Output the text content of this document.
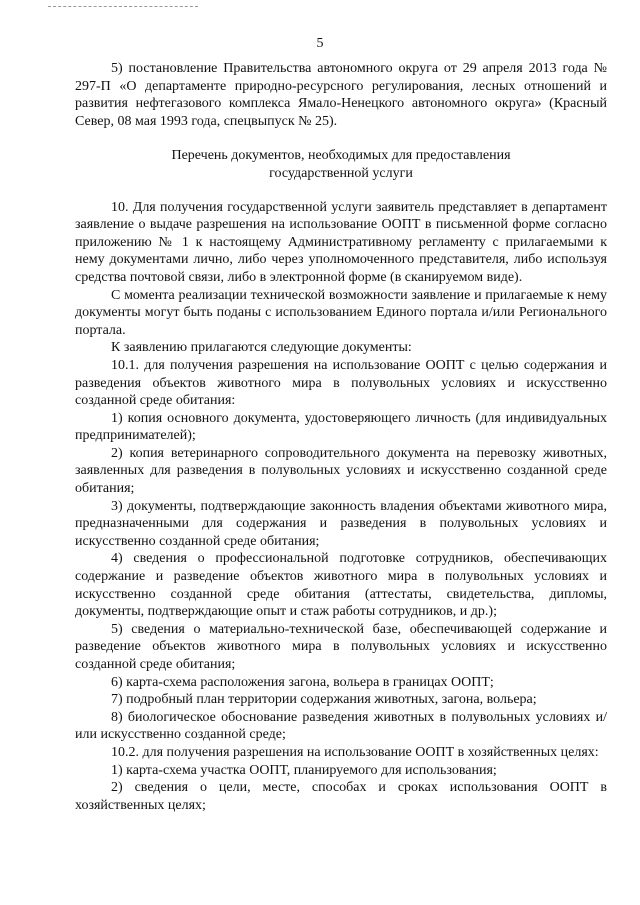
5

5) постановление Правительства автономного округа от 29 апреля 2013 года № 297-П «О департаменте природно-ресурсного регулирования, лесных отношений и развития нефтегазового комплекса Ямало-Ненецкого автономного округа» (Красный Север, 08 мая 1993 года, спецвыпуск № 25).

Перечень документов, необходимых для предоставления
государственной услуги

10. Для получения государственной услуги заявитель представляет в департамент заявление о выдаче разрешения на использование ООПТ в письменной форме согласно приложению № 1 к настоящему Административному регламенту с прилагаемыми к нему документами лично, либо через уполномоченного представителя, либо используя средства почтовой связи, либо в электронной форме (в сканируемом виде).

С момента реализации технической возможности заявление и прилагаемые к нему документы могут быть поданы с использованием Единого портала и/или Регионального портала.

К заявлению прилагаются следующие документы:

10.1. для получения разрешения на использование ООПТ с целью содержания и разведения объектов животного мира в полувольных условиях и искусственно созданной среде обитания:

1) копия основного документа, удостоверяющего личность (для индивидуальных предпринимателей);

2) копия ветеринарного сопроводительного документа на перевозку животных, заявленных для разведения в полувольных условиях и искусственно созданной среде обитания;

3) документы, подтверждающие законность владения объектами животного мира, предназначенными для содержания и разведения в полувольных условиях и искусственно созданной среде обитания;

4) сведения о профессиональной подготовке сотрудников, обеспечивающих содержание и разведение объектов животного мира в полувольных условиях и искусственно созданной среде обитания (аттестаты, свидетельства, дипломы, документы, подтверждающие опыт и стаж работы сотрудников, и др.);

5) сведения о материально-технической базе, обеспечивающей содержание и разведение объектов животного мира в полувольных условиях и искусственно созданной среде обитания;

6) карта-схема расположения загона, вольера в границах ООПТ;

7) подробный план территории содержания животных, загона, вольера;

8) биологическое обоснование разведения животных в полувольных условиях и/или искусственно созданной среде;

10.2. для получения разрешения на использование ООПТ в хозяйственных целях:

1) карта-схема участка ООПТ, планируемого для использования;

2) сведения о цели, месте, способах и сроках использования ООПТ в хозяйственных целях;
